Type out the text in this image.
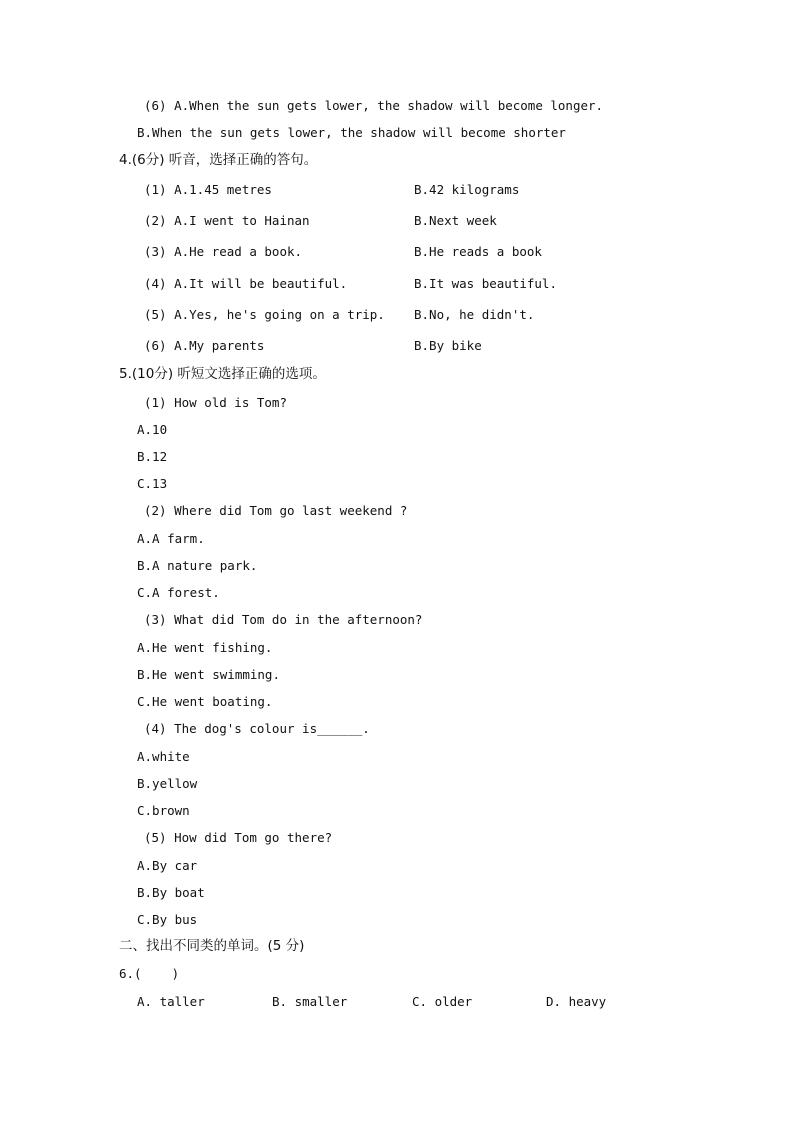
(6) A.When the sun gets lower, the shadow will become longer.
B.When the sun gets lower, the shadow will become shorter
4.(6分) 听音，选择正确的答句。
(1) A.1.45 metres	B.42 kilograms
(2) A.I went to Hainan	B.Next week
(3) A.He read a book.	B.He reads a book
(4) A.It will be beautiful.	B.It was beautiful.
(5) A.Yes, he's going on a trip. B.No, he didn't.
(6) A.My parents	B.By bike
5.(10分) 听短文选择正确的选项。
(1) How old is Tom?
A.10
B.12
C.13
(2) Where did Tom go last weekend ?
A.A farm.
B.A nature park.
C.A forest.
(3) What did Tom do in the afternoon?
A.He went fishing.
B.He went swimming.
C.He went boating.
(4) The dog's colour is______.
A.white
B.yellow
C.brown
(5) How did Tom go there?
A.By car
B.By boat
C.By bus
二、找出不同类的单词。(5 分)
6.(    )
A. taller	B. smaller	C. older	D. heavy
